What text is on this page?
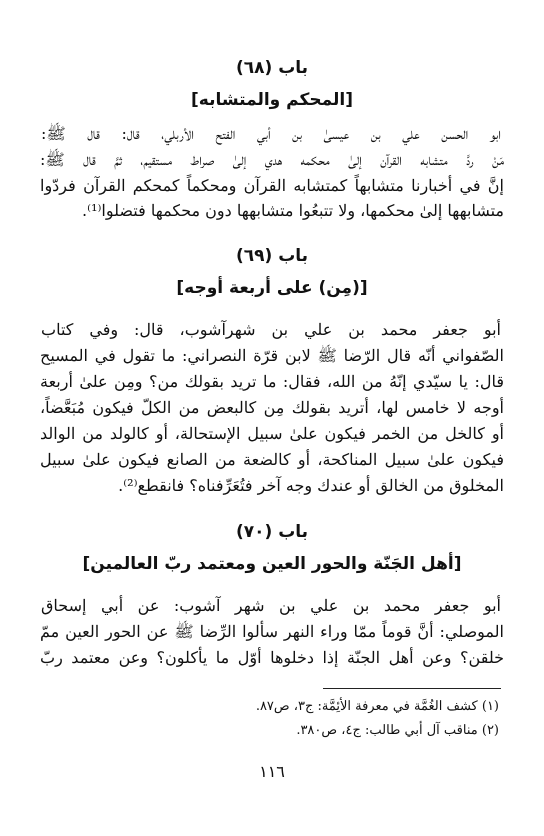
باب (٦٨)
[المحكم والمتشابه]
ابو الحسن علي بن عيسىٰ بن أبي الفتح الأربلي، قال: قال ﷺ:
مَنْ ردَّ متشابه القرآن إلىٰ محكمه هدي إلىٰ صراط مستقيم، ثمَّ قال ﷺ:
إنَّ في أخبارنا متشابهاً كمتشابه القرآن ومحكماً كمحكم القرآن فردّوا
متشابهها إلىٰ محكمها، ولا تتبعُوا متشابهها دون محكمها فتضلوا⁽¹⁾.
باب (٦٩)
[(مِن) على أربعة أوجه]
أبو جعفر محمد بن علي بن شهرآشوب، قال: وفي كتاب
الصّفواني أنّه قال الرّضا ﷺ لابن قرّة النصراني: ما تقول في المسيح
قال: يا سيّدي إنّهُ من الله، فقال: ما تريد بقولك من؟ ومِن علىٰ أربعة
أوجه لا خامس لها، أتريد بقولك مِن كالبعض من الكلّ فيكون مُبَعَّضاً،
أو كالخل من الخمر فيكون علىٰ سبيل الإستحالة، أو كالولد من الوالد
فيكون علىٰ سبيل المناكحة، أو كالضعة من الصانع فيكون علىٰ سبيل
المخلوق من الخالق أو عندك وجه آخر فتُعَرِّفناه؟ فانقطع⁽²⁾.
باب (٧٠)
[أهل الجَنّة والحور العين ومعتمد ربّ العالمين]
أبو جعفر محمد بن علي بن شهر آشوب: عن أبي إسحاق
الموصلي: أنَّ قوماً ممّا وراء النهر سألوا الرِّضا ﷺ عن الحور العين ممّ
خلقن؟ وعن أهل الجنّة إذا دخلوها أوّل ما يأكلون؟ وعن معتمد ربّ
(١) كشف الغُمَّة في معرفة الأئِمَّة: ج٣، ص٨٧.
(٢) مناقب آل أبي طالب: ج٤، ص٣٨٠.
١١٦
